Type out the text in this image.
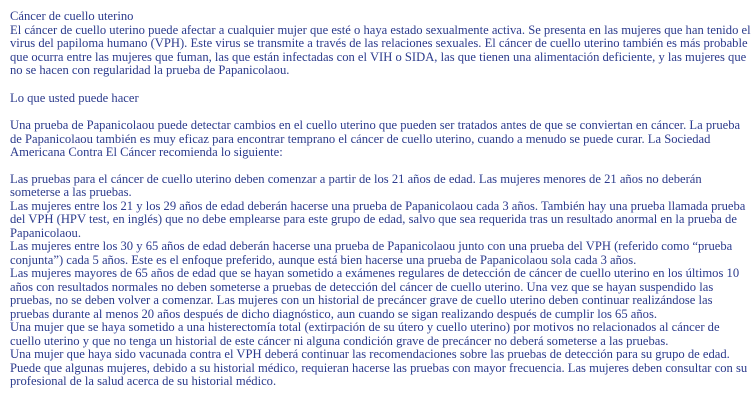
Cáncer de cuello uterino

El cáncer de cuello uterino puede afectar a cualquier mujer que esté o haya estado sexualmente activa. Se presenta en las mujeres que han tenido el virus del papiloma humano (VPH). Este virus se transmite a través de las relaciones sexuales. El cáncer de cuello uterino también es más probable que ocurra entre las mujeres que fuman, las que están infectadas con el VIH o SIDA, las que tienen una alimentación deficiente, y las mujeres que no se hacen con regularidad la prueba de Papanicolaou.

Lo que usted puede hacer

Una prueba de Papanicolaou puede detectar cambios en el cuello uterino que pueden ser tratados antes de que se conviertan en cáncer. La prueba de Papanicolaou también es muy eficaz para encontrar temprano el cáncer de cuello uterino, cuando a menudo se puede curar. La Sociedad Americana Contra El Cáncer recomienda lo siguiente:

Las pruebas para el cáncer de cuello uterino deben comenzar a partir de los 21 años de edad. Las mujeres menores de 21 años no deberán someterse a las pruebas.

Las mujeres entre los 21 y los 29 años de edad deberán hacerse una prueba de Papanicolaou cada 3 años. También hay una prueba llamada prueba del VPH (HPV test, en inglés) que no debe emplearse para este grupo de edad, salvo que sea requerida tras un resultado anormal en la prueba de Papanicolaou.

Las mujeres entre los 30 y 65 años de edad deberán hacerse una prueba de Papanicolaou junto con una prueba del VPH (referido como “prueba conjunta”) cada 5 años. Este es el enfoque preferido, aunque está bien hacerse una prueba de Papanicolaou sola cada 3 años.

Las mujeres mayores de 65 años de edad que se hayan sometido a exámenes regulares de detección de cáncer de cuello uterino en los últimos 10 años con resultados normales no deben someterse a pruebas de detección del cáncer de cuello uterino. Una vez que se hayan suspendido las pruebas, no se deben volver a comenzar. Las mujeres con un historial de precáncer grave de cuello uterino deben continuar realizándose las pruebas durante al menos 20 años después de dicho diagnóstico, aun cuando se sigan realizando después de cumplir los 65 años.

Una mujer que se haya sometido a una histerectomía total (extirpación de su útero y cuello uterino) por motivos no relacionados al cáncer de cuello uterino y que no tenga un historial de este cáncer ni alguna condición grave de precáncer no deberá someterse a las pruebas.

Una mujer que haya sido vacunada contra el VPH deberá continuar las recomendaciones sobre las pruebas de detección para su grupo de edad. Puede que algunas mujeres, debido a su historial médico, requieran hacerse las pruebas con mayor frecuencia. Las mujeres deben consultar con su profesional de la salud acerca de su historial médico.
